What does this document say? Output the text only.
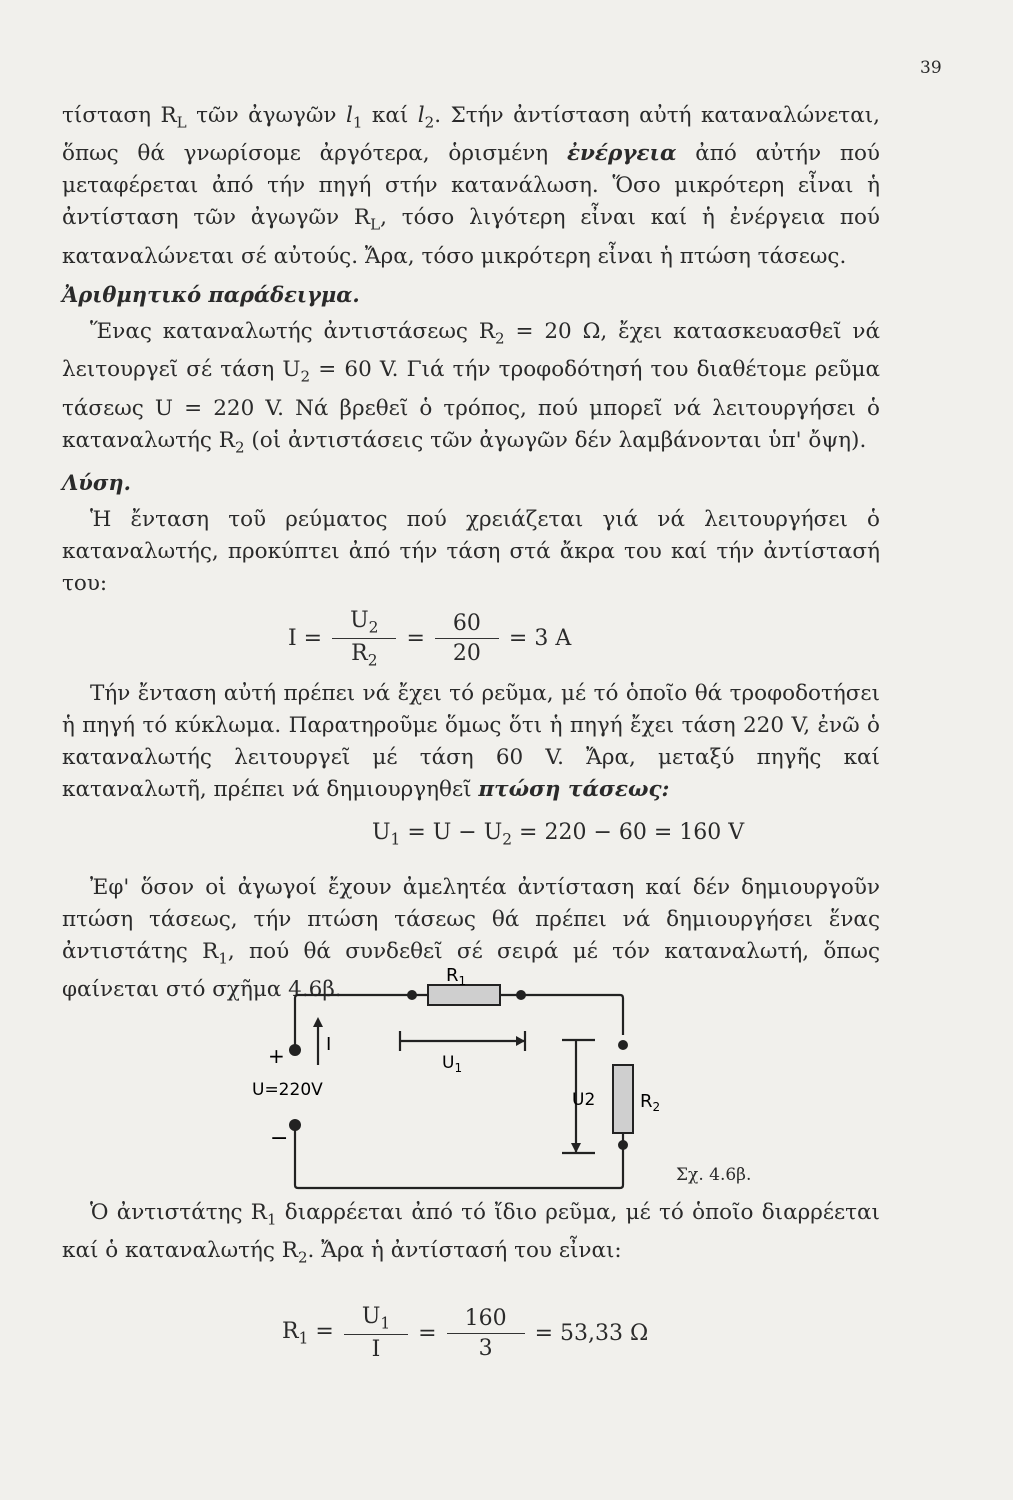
39

τίσταση $R_L$ τῶν ἀγωγῶν $l_1$ καί $l_2$. Στήν ἀντίσταση αὐτή καταναλώνεται, ὅπως θά γνωρίσομε ἀργότερα, ὁρισμένη ἐνέργεια ἀπό αὐτήν πού μεταφέρεται ἀπό τήν πηγή στήν κατανάλωση. Ὅσο μικρότερη εἶναι ἡ ἀντίσταση τῶν ἀγωγῶν $R_L$, τόσο λιγότερη εἶναι καί ἡ ἐνέργεια πού καταναλώνεται σέ αὐτούς. Ἄρα, τόσο μικρότερη εἶναι ἡ πτώση τάσεως.

Ἀριθμητικό παράδειγμα.

Ἕνας καταναλωτής ἀντιστάσεως $R_2 = 20$ Ω, ἔχει κατασκευασθεῖ νά λειτουργεῖ σέ τάση $U_2 = 60$ V. Γιά τήν τροφοδότησή του διαθέτομε ρεῦμα τάσεως U = 220 V. Νά βρεθεῖ ὁ τρόπος, πού μπορεῖ νά λειτουργήσει ὁ καταναλωτής $R_2$ (οἱ ἀντιστάσεις τῶν ἀγωγῶν δέν λαμβάνονται ὑπ' ὄψη).

Λύση.

Ἡ ἔνταση τοῦ ρεύματος πού χρειάζεται γιά νά λειτουργήσει ὁ καταναλωτής, προκύπτει ἀπό τήν τάση στά ἄκρα του καί τήν ἀντίστασή του:

$I = \frac{U_2}{R_2} = \frac{60}{20} = 3$ A

Τήν ἔνταση αὐτή πρέπει νά ἔχει τό ρεῦμα, μέ τό ὁποῖο θά τροφοδοτήσει ἡ πηγή τό κύκλωμα. Παρατηροῦμε ὅμως ὅτι ἡ πηγή ἔχει τάση 220 V, ἐνῶ ὁ καταναλωτής λειτουργεῖ μέ τάση 60 V. Ἄρα, μεταξύ πηγῆς καί καταναλωτῆ, πρέπει νά δημιουργηθεῖ πτώση τάσεως:

$U_1 = U - U_2 = 220 - 60 = 160$ V

Ἐφ' ὅσον οἱ ἀγωγοί ἔχουν ἀμελητέα ἀντίσταση καί δέν δημιουργοῦν πτώση τάσεως, τήν πτώση τάσεως θά πρέπει νά δημιουργήσει ἕνας ἀντιστάτης $R_1$, πού θά συνδεθεῖ σέ σειρά μέ τόν καταναλωτή, ὅπως φαίνεται στό σχῆμα 4.6β.

$R_1$
$R_2$
$U_1$
U2
+
−
I
U=220V
Σχ. 4.6β.

Ὁ ἀντιστάτης $R_1$ διαρρέεται ἀπό τό ἴδιο ρεῦμα, μέ τό ὁποῖο διαρρέεται καί ὁ καταναλωτής $R_2$. Ἄρα ἡ ἀντίστασή του εἶναι:

$R_1 = \frac{U_1}{I} = \frac{160}{3} = 53,33$ Ω
